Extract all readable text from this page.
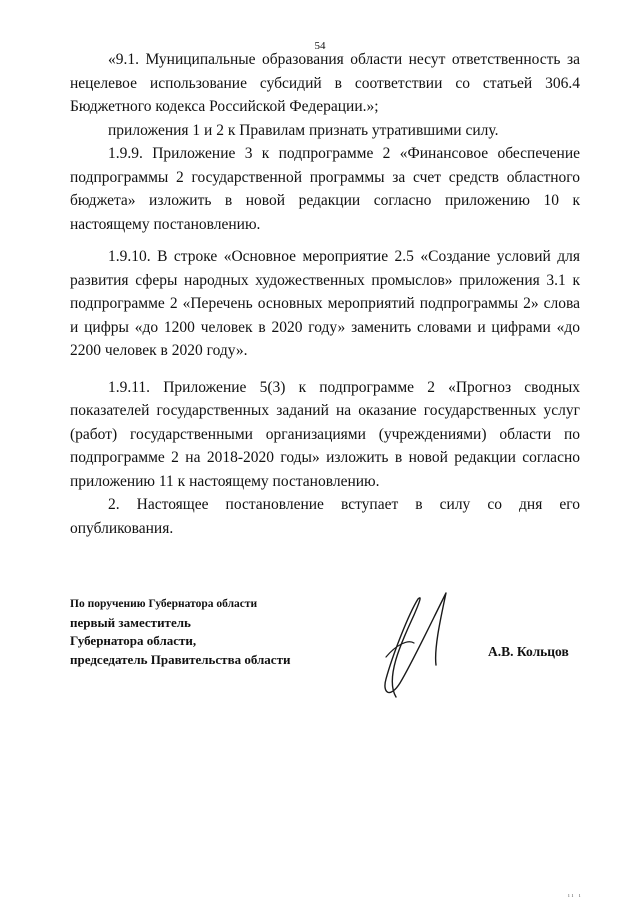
54

«9.1. Муниципальные образования области несут ответственность за нецелевое использование субсидий в соответствии со статьей 306.4 Бюджетного кодекса Российской Федерации.»;

приложения 1 и 2 к Правилам признать утратившими силу.

1.9.9. Приложение 3 к подпрограмме 2 «Финансовое обеспечение подпрограммы 2 государственной программы за счет средств областного бюджета» изложить в новой редакции согласно приложению 10 к настоящему постановлению.

1.9.10. В строке «Основное мероприятие 2.5 «Создание условий для развития сферы народных художественных промыслов» приложения 3.1 к подпрограмме 2 «Перечень основных мероприятий подпрограммы 2» слова и цифры «до 1200 человек в 2020 году» заменить словами и цифрами «до 2200 человек в 2020 году».

1.9.11. Приложение 5(3) к подпрограмме 2 «Прогноз сводных показателей государственных заданий на оказание государственных услуг (работ) государственными организациями (учреждениями) области по подпрограмме 2 на 2018-2020 годы» изложить в новой редакции согласно приложению 11 к настоящему постановлению.

2. Настоящее постановление вступает в силу со дня его опубликования.

По поручению Губернатора области
первый заместитель
Губернатора области,
председатель Правительства области	А.В. Кольцов
ıı ı
